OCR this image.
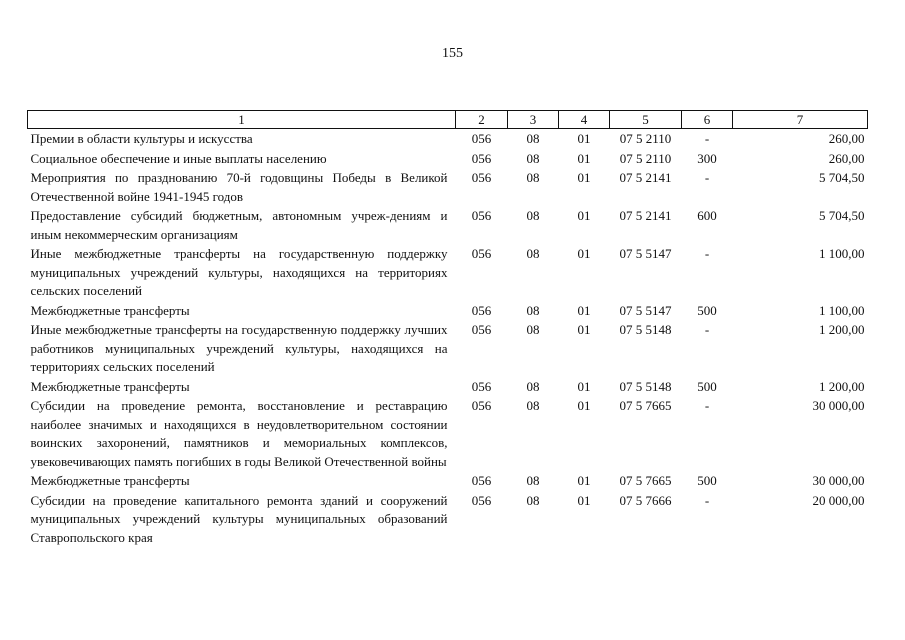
155
1	2	3	4	5	6	7
Премии в области культуры и искусства	056	08	01	07 5 2110	-	260,00
Социальное обеспечение и иные выплаты населению	056	08	01	07 5 2110	300	260,00
Мероприятия по празднованию 70-й годовщины Победы в Великой Отечественной войне 1941-1945 годов	056	08	01	07 5 2141	-	5 704,50
Предоставление субсидий бюджетным, автономным учреж-дениям и иным некоммерческим организациям	056	08	01	07 5 2141	600	5 704,50
Иные межбюджетные трансферты на государственную поддержку муниципальных учреждений культуры, находящихся на территориях сельских поселений	056	08	01	07 5 5147	-	1 100,00
Межбюджетные трансферты	056	08	01	07 5 5147	500	1 100,00
Иные межбюджетные трансферты на государственную поддержку лучших работников муниципальных учреждений культуры, находящихся на территориях сельских поселений	056	08	01	07 5 5148	-	1 200,00
Межбюджетные трансферты	056	08	01	07 5 5148	500	1 200,00
Субсидии на проведение ремонта, восстановление и реставрацию наиболее значимых и находящихся в неудовлетворительном состоянии воинских захоронений, памятников и мемориальных комплексов, увековечивающих память погибших в годы Великой Отечественной войны	056	08	01	07 5 7665	-	30 000,00
Межбюджетные трансферты	056	08	01	07 5 7665	500	30 000,00
Субсидии на проведение капитального ремонта зданий и сооружений муниципальных учреждений культуры муниципальных образований Ставропольского края	056	08	01	07 5 7666	-	20 000,00
